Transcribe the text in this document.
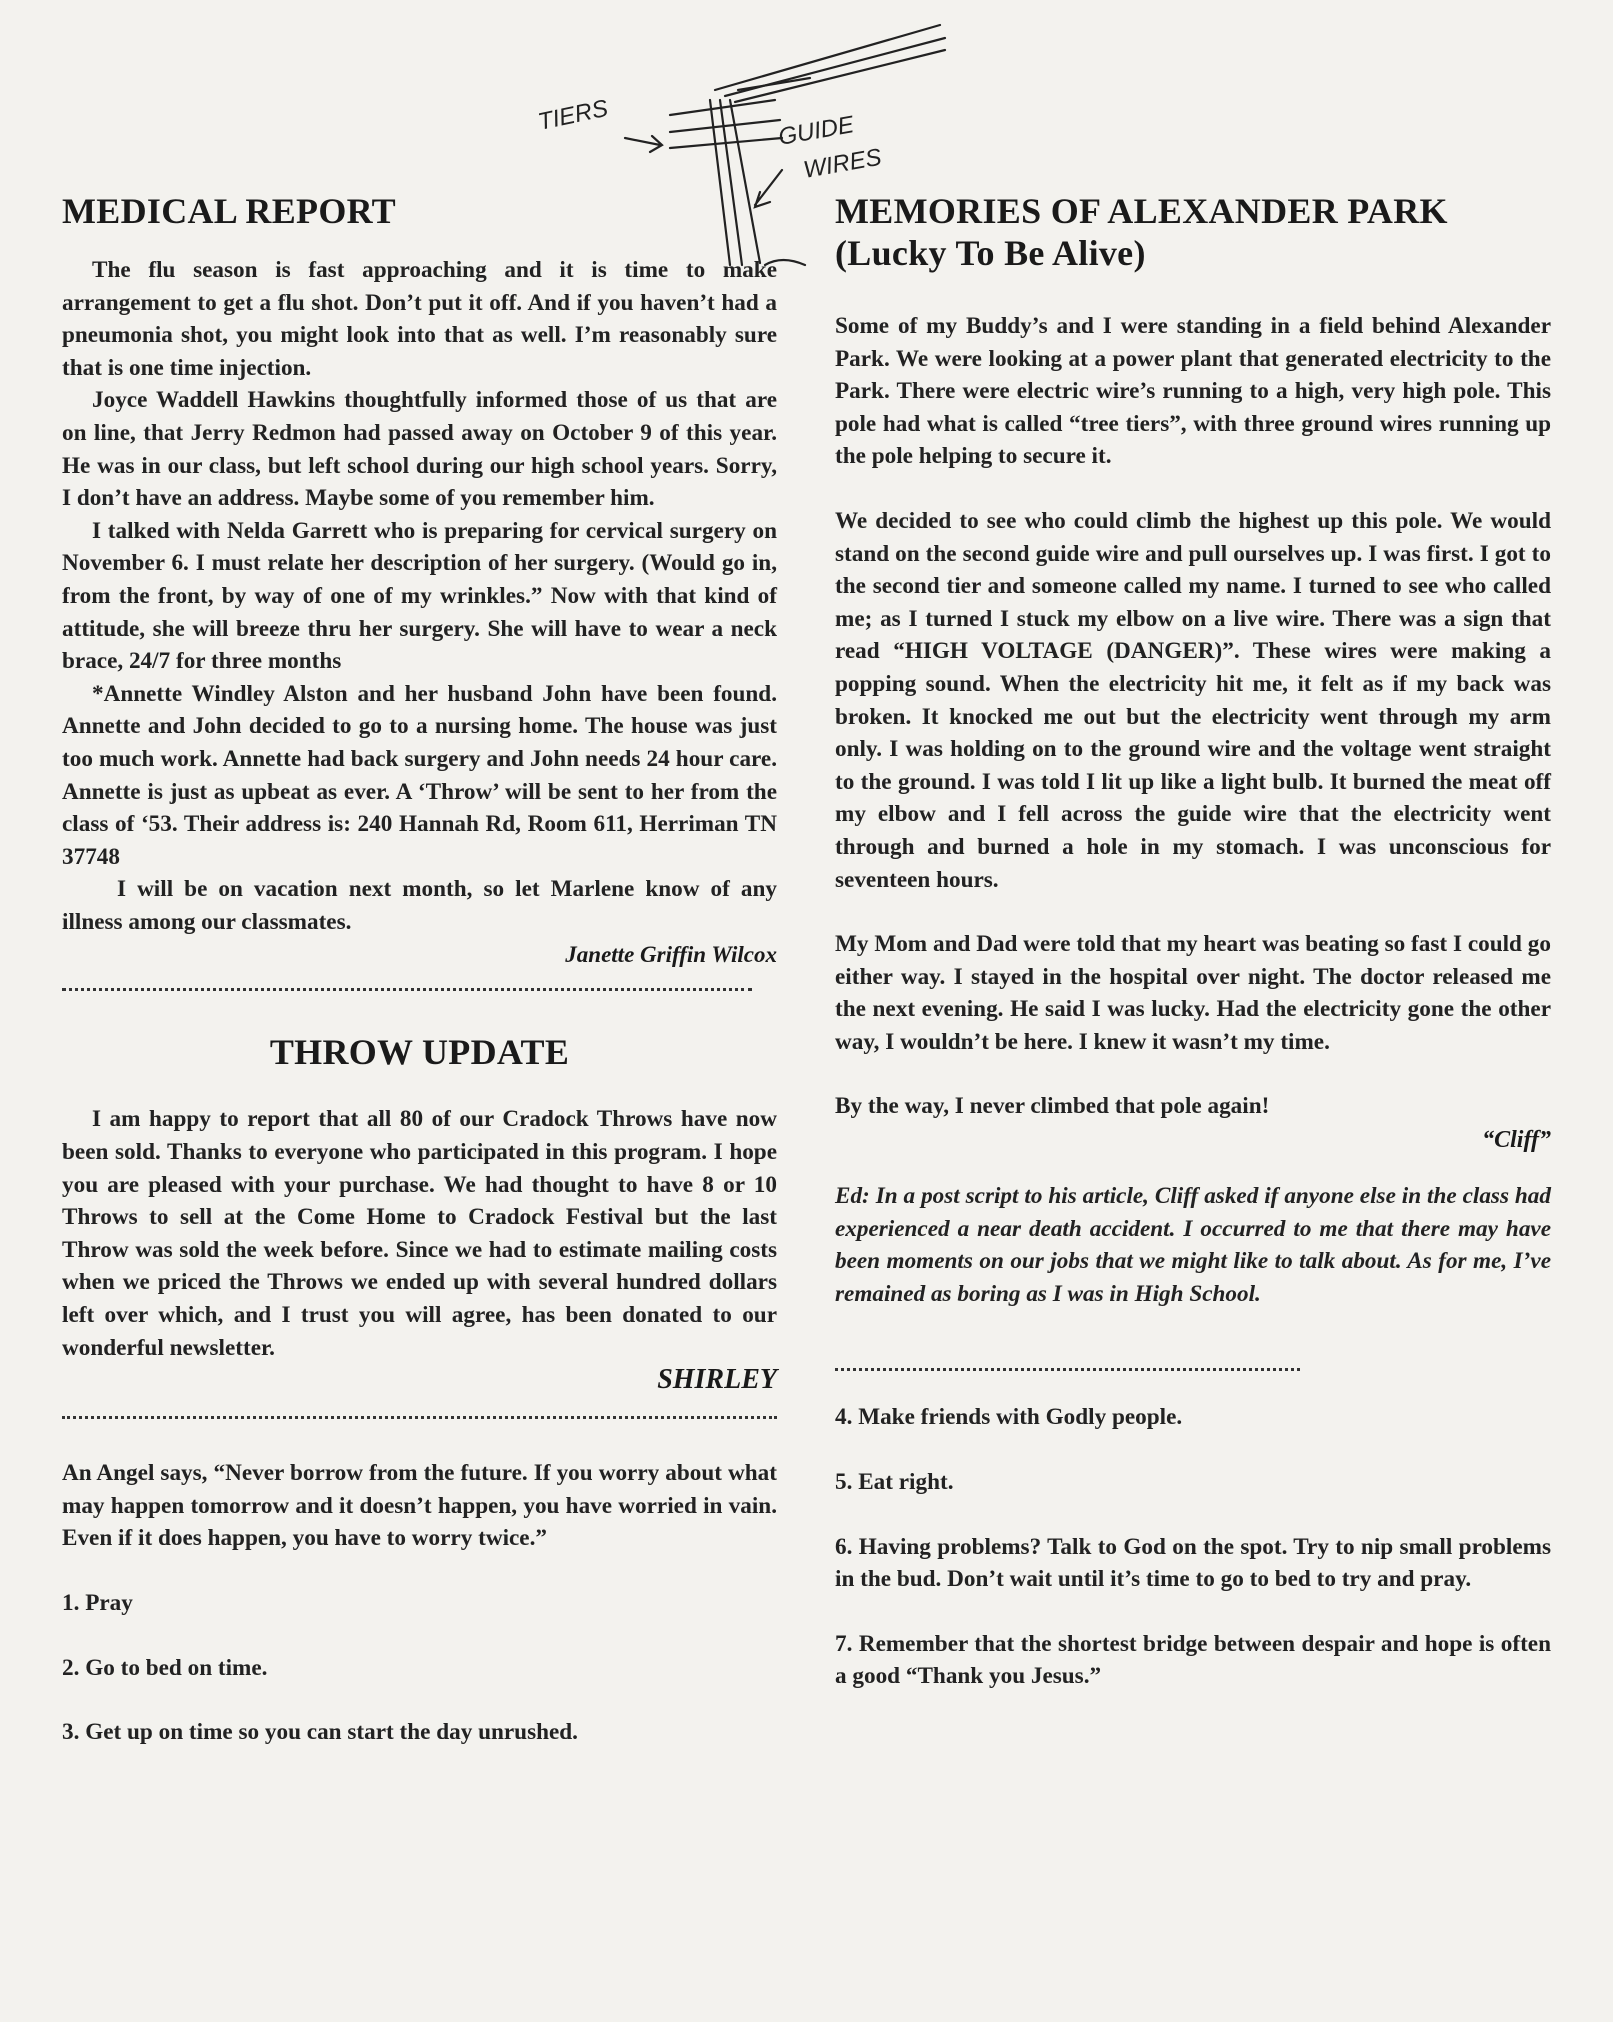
TIERS	GUIDE
WIRES
MEDICAL REPORT

The flu season is fast approaching and it is time to make arrangement to get a flu shot. Don’t put it off. And if you haven’t had a pneumonia shot, you might look into that as well. I’m reasonably sure that is one time injection.

Joyce Waddell Hawkins thoughtfully informed those of us that are on line, that Jerry Redmon had passed away on October 9 of this year. He was in our class, but left school during our high school years. Sorry, I don’t have an address. Maybe some of you remember him.

I talked with Nelda Garrett who is preparing for cervical surgery on November 6. I must relate her description of her surgery. (Would go in, from the front, by way of one of my wrinkles.” Now with that kind of attitude, she will breeze thru her surgery. She will have to wear a neck brace, 24/7 for three months

*Annette Windley Alston and her husband John have been found. Annette and John decided to go to a nursing home. The house was just too much work. Annette had back surgery and John needs 24 hour care. Annette is just as upbeat as ever. A ‘Throw’ will be sent to her from the class of ‘53. Their address is: 240 Hannah Rd, Room 611, Herriman TN 37748

I will be on vacation next month, so let Marlene know of any illness among our classmates.

Janette Griffin Wilcox
THROW UPDATE

I am happy to report that all 80 of our Cradock Throws have now been sold. Thanks to everyone who participated in this program. I hope you are pleased with your purchase. We had thought to have 8 or 10 Throws to sell at the Come Home to Cradock Festival but the last Throw was sold the week before. Since we had to estimate mailing costs when we priced the Throws we ended up with several hundred dollars left over which, and I trust you will agree, has been donated to our wonderful newsletter.

SHIRLEY

An Angel says, “Never borrow from the future. If you worry about what may happen tomorrow and it doesn’t happen, you have worried in vain. Even if it does happen, you have to worry twice.”

1. Pray

2. Go to bed on time.

3. Get up on time so you can start the day unrushed.

MEMORIES OF ALEXANDER PARK
(Lucky To Be Alive)

Some of my Buddy’s and I were standing in a field behind Alexander Park. We were looking at a power plant that generated electricity to the Park. There were electric wire’s running to a high, very high pole. This pole had what is called “tree tiers”, with three ground wires running up the pole helping to secure it.

We decided to see who could climb the highest up this pole. We would stand on the second guide wire and pull ourselves up. I was first. I got to the second tier and someone called my name. I turned to see who called me; as I turned I stuck my elbow on a live wire. There was a sign that read “HIGH VOLTAGE (DANGER)”. These wires were making a popping sound. When the electricity hit me, it felt as if my back was broken. It knocked me out but the electricity went through my arm only. I was holding on to the ground wire and the voltage went straight to the ground. I was told I lit up like a light bulb. It burned the meat off my elbow and I fell across the guide wire that the electricity went through and burned a hole in my stomach. I was unconscious for seventeen hours.

My Mom and Dad were told that my heart was beating so fast I could go either way. I stayed in the hospital over night. The doctor released me the next evening. He said I was lucky. Had the electricity gone the other way, I wouldn’t be here. I knew it wasn’t my time.

By the way, I never climbed that pole again!

“Cliff”

Ed: In a post script to his article, Cliff asked if anyone else in the class had experienced a near death accident. I occurred to me that there may have been moments on our jobs that we might like to talk about. As for me, I’ve remained as boring as I was in High School.

4. Make friends with Godly people.

5. Eat right.

6. Having problems? Talk to God on the spot. Try to nip small problems in the bud. Don’t wait until it’s time to go to bed to try and pray.

7. Remember that the shortest bridge between despair and hope is often a good “Thank you Jesus.”
